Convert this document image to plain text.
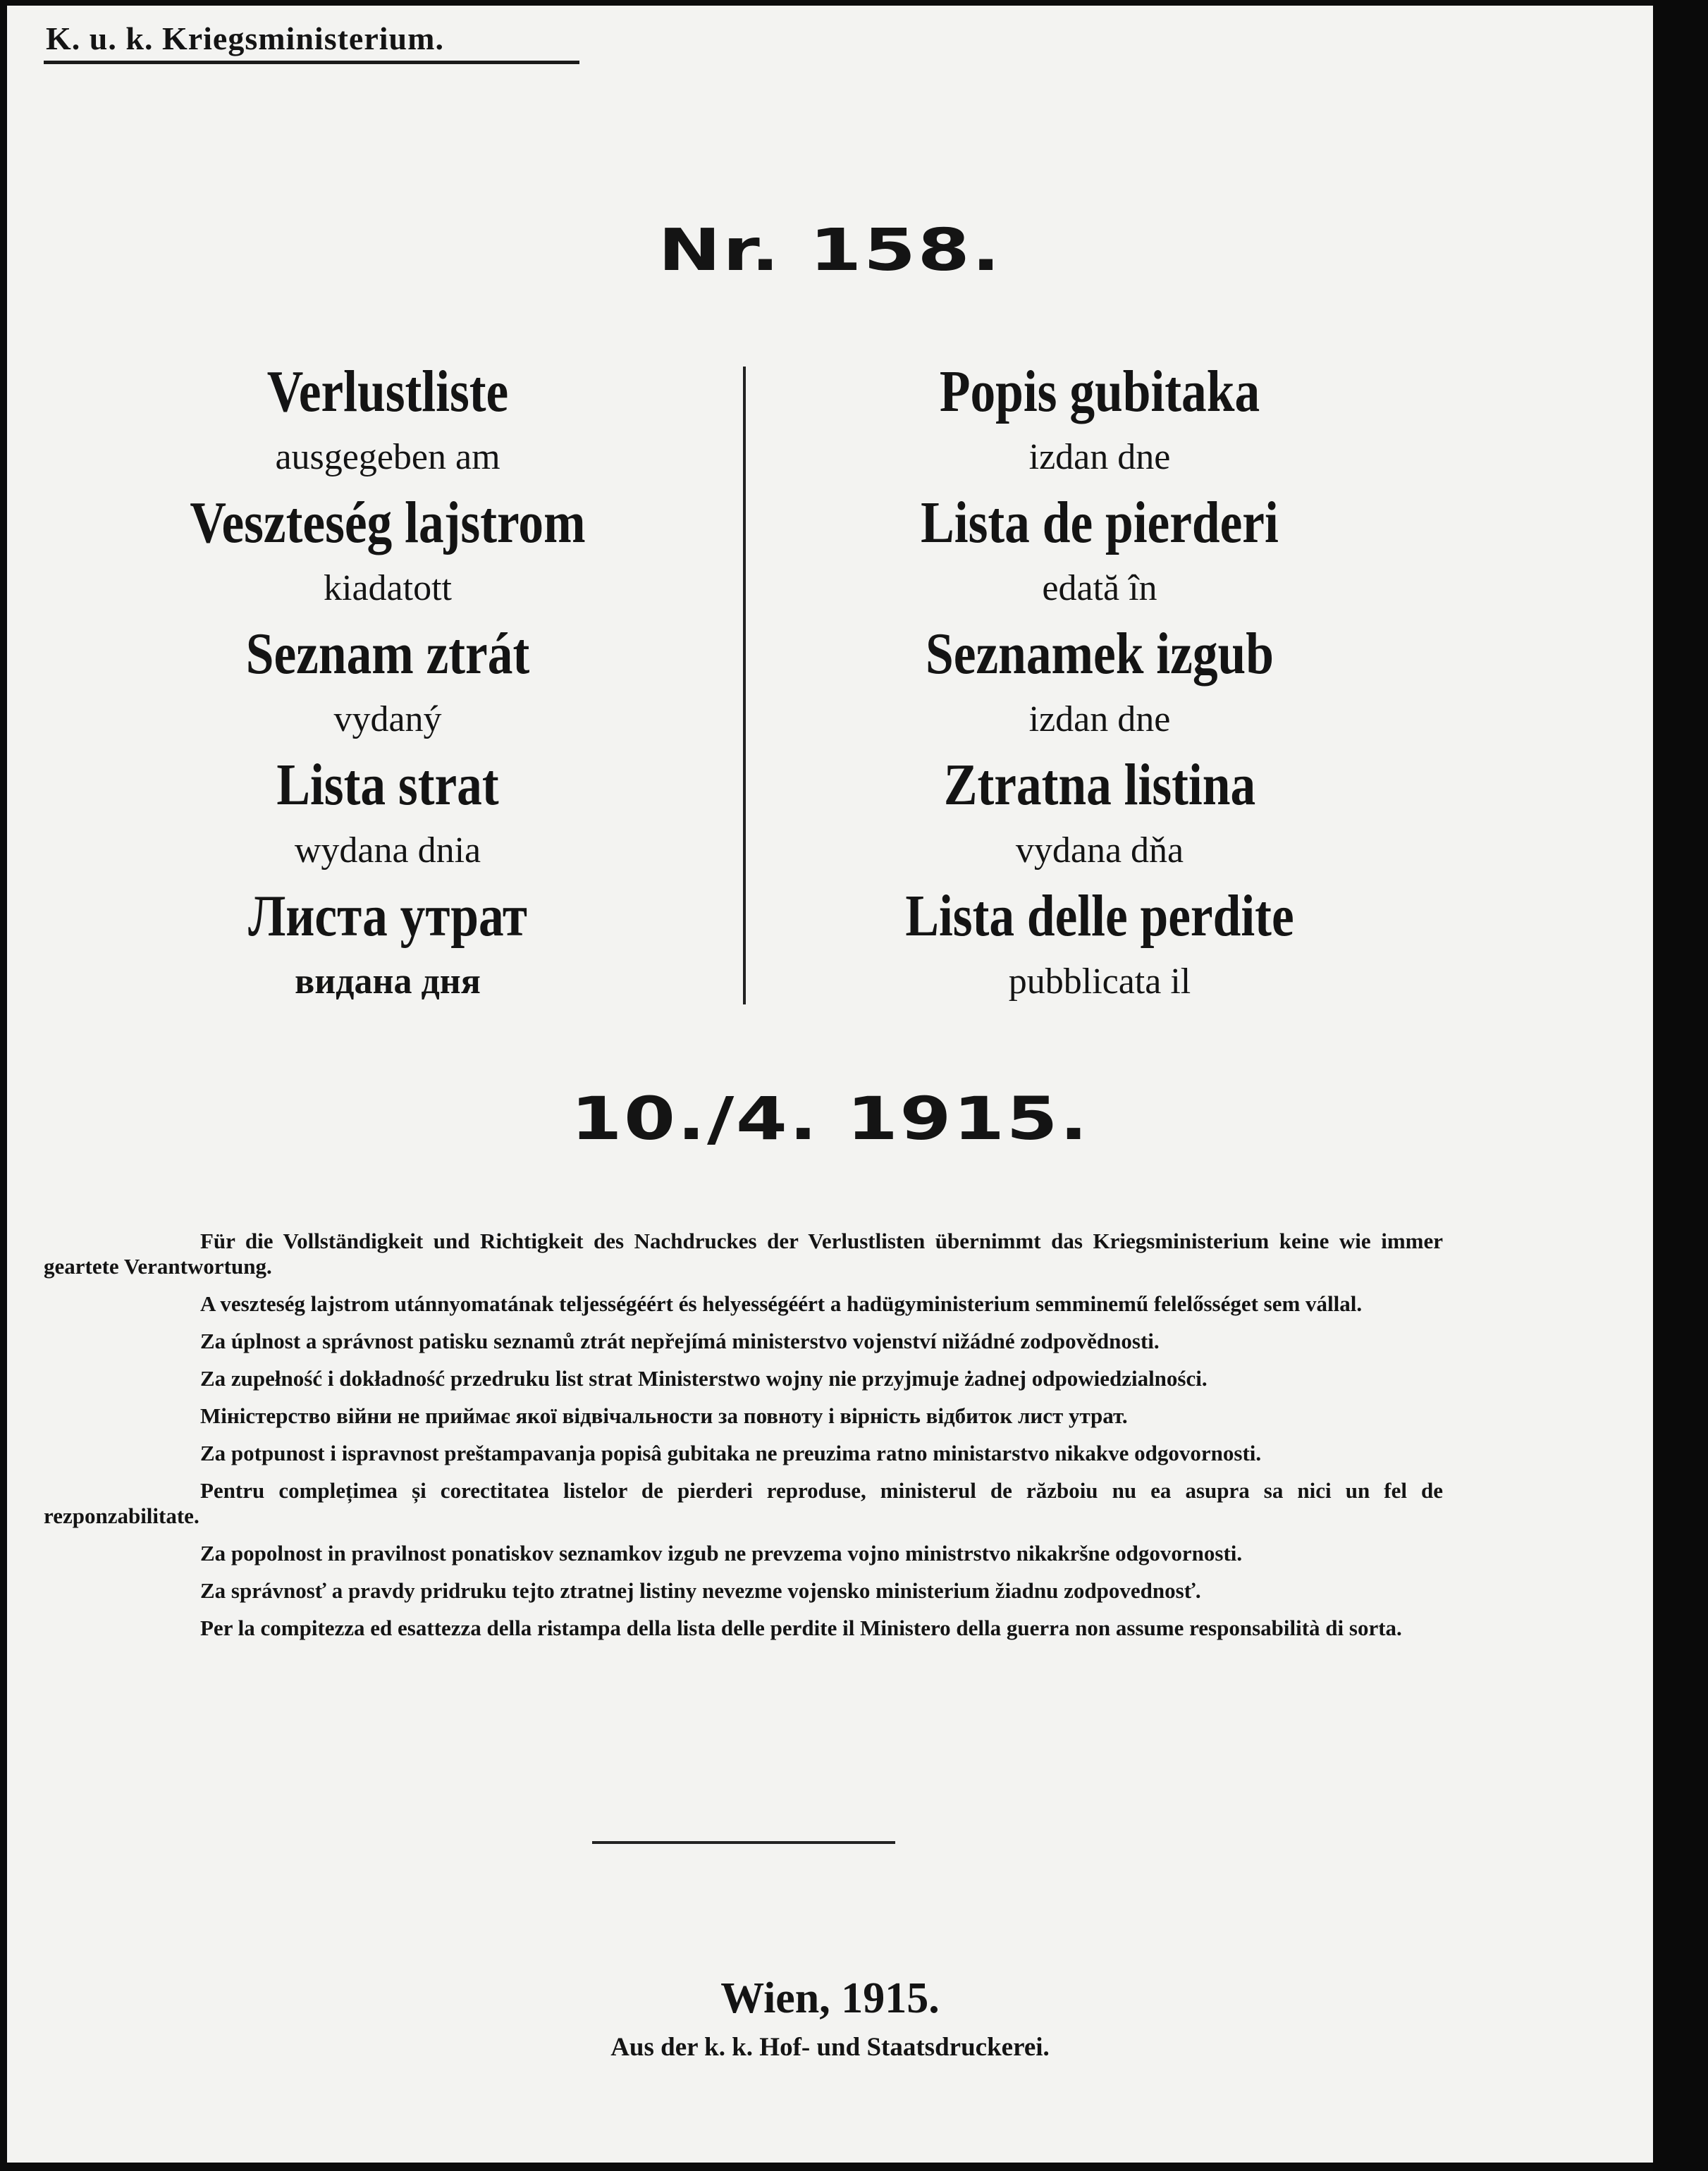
K. u. k. Kriegsministerium.
Nr. 158.
Verlustliste
ausgegeben am
Veszteség lajstrom
kiadatott
Seznam ztrát
vydaný
Lista strat
wydana dnia
Листа утрат
видана дня
Popis gubitaka
izdan dne
Lista de pierderi
edată în
Seznamek izgub
izdan dne
Ztratna listina
vydana dňa
Lista delle perdite
pubblicata il
10./4. 1915.
Für die Vollständigkeit und Richtigkeit des Nachdruckes der Verlustlisten übernimmt das Kriegsministerium keine wie immer geartete Verantwortung.
A veszteség lajstrom utánnyomatának teljességéért és helyességéért a hadügyministerium semminemű felelősséget sem vállal.
Za úplnost a správnost patisku seznamů ztrát nepřejímá ministerstvo vojenství nižádné zodpovědnosti.
Za zupełność i dokładność przedruku list strat Ministerstwo wojny nie przyjmuje żadnej odpowiedzialności.
Міністерство війни не приймає якої відвічальности за повноту і вірність відбиток лист утрат.
Za potpunost i ispravnost preštampavanja popisâ gubitaka ne preuzima ratno ministarstvo nikakve odgovornosti.
Pentru complețimea și corectitatea listelor de pierderi reproduse, ministerul de războiu nu ea asupra sa nici un fel de rezponzabilitate.
Za popolnost in pravilnost ponatiskov seznamkov izgub ne prevzema vojno ministrstvo nikakršne odgovornosti.
Za správnosť a pravdy pridruku tejto ztratnej listiny nevezme vojensko ministerium žiadnu zodpovednosť.
Per la compitezza ed esattezza della ristampa della lista delle perdite il Ministero della guerra non assume responsabilità di sorta.
Wien, 1915.
Aus der k. k. Hof- und Staatsdruckerei.
